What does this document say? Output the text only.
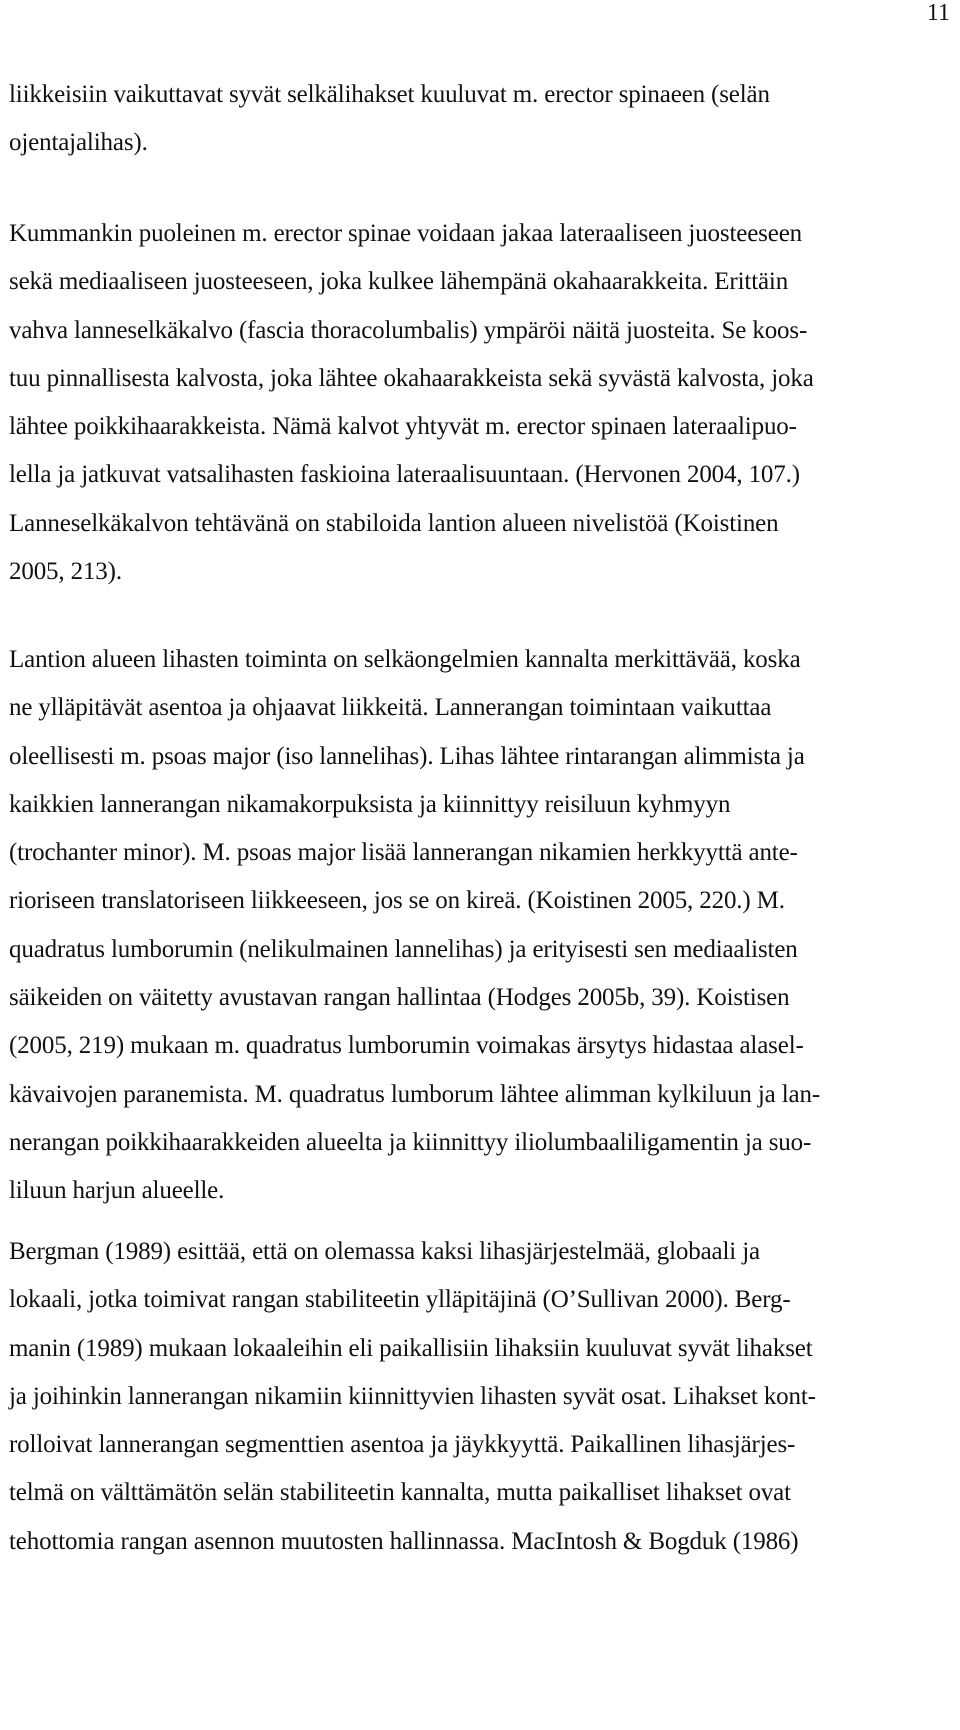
11
liikkeisiin vaikuttavat syvät selkälihakset kuuluvat m. erector spinaeen (selän
ojentajalihas).
Kummankin puoleinen m. erector spinae voidaan jakaa lateraaliseen juosteeseen
sekä mediaaliseen juosteeseen, joka kulkee lähempänä okahaarakkeita. Erittäin
vahva lanneselkäkalvo (fascia thoracolumbalis) ympäröi näitä juosteita. Se koos-
tuu pinnallisesta kalvosta, joka lähtee okahaarakkeista sekä syvästä kalvosta, joka
lähtee poikkihaarakkeista. Nämä kalvot yhtyvät m. erector spinaen lateraalipuo-
lella ja jatkuvat vatsalihasten faskioina lateraalisuuntaan. (Hervonen 2004, 107.)
Lanneselkäkalvon tehtävänä on stabiloida lantion alueen nivelistöä (Koistinen
2005, 213).
Lantion alueen lihasten toiminta on selkäongelmien kannalta merkittävää, koska
ne ylläpitävät asentoa ja ohjaavat liikkeitä. Lannerangan toimintaan vaikuttaa
oleellisesti m. psoas major (iso lannelihas). Lihas lähtee rintarangan alimmista ja
kaikkien lannerangan nikamakorpuksista ja kiinnittyy reisiluun kyhmyyn
(trochanter minor). M. psoas major lisää lannerangan nikamien herkkyyttä ante-
rioriseen translatoriseen liikkeeseen, jos se on kireä. (Koistinen 2005, 220.) M.
quadratus lumborumin (nelikulmainen lannelihas) ja erityisesti sen mediaalisten
säikeiden on väitetty avustavan rangan hallintaa (Hodges 2005b, 39). Koistisen
(2005, 219) mukaan m. quadratus lumborumin voimakas ärsytys hidastaa alasel-
kävaivojen paranemista. M. quadratus lumborum lähtee alimman kylkiluun ja lan-
nerangan poikkihaarakkeiden alueelta ja kiinnittyy iliolumbaaliligamentin ja suo-
liluun harjun alueelle.
Bergman (1989) esittää, että on olemassa kaksi lihasjärjestelmää, globaali ja
lokaali, jotka toimivat rangan stabiliteetin ylläpitäjinä (O’Sullivan 2000). Berg-
manin (1989) mukaan lokaaleihin eli paikallisiin lihaksiin kuuluvat syvät lihakset
ja joihinkin lannerangan nikamiin kiinnittyvien lihasten syvät osat. Lihakset kont-
rolloivat lannerangan segmenttien asentoa ja jäykkyyttä. Paikallinen lihasjärjes-
telmä on välttämätön selän stabiliteetin kannalta, mutta paikalliset lihakset ovat
tehottomia rangan asennon muutosten hallinnassa. MacIntosh & Bogduk (1986)
